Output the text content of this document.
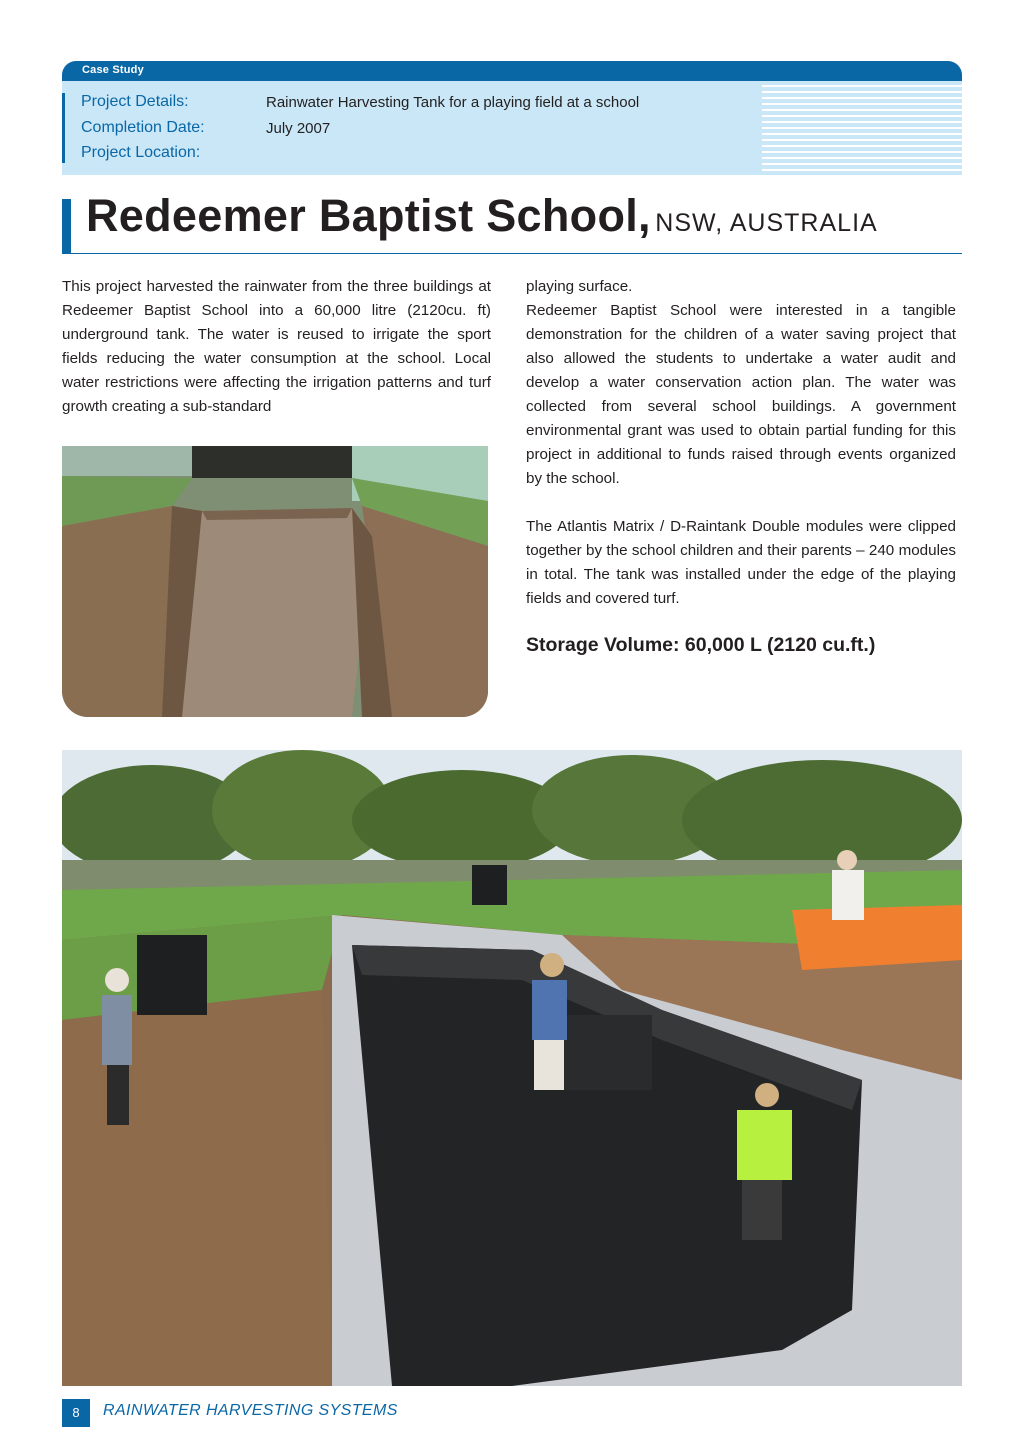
Case Study
Project Details:	Rainwater Harvesting Tank for a playing field at a school
Completion Date:	July 2007
Project Location:
Redeemer Baptist School, NSW, AUSTRALIA

This project harvested the rainwater from the three buildings at Redeemer Baptist School into a 60,000 litre (2120cu. ft) underground tank. The water is reused to irrigate the sport fields reducing the water consumption at the school. Local water restrictions were affecting the irrigation patterns and turf growth creating a sub-standard

playing surface.

Redeemer Baptist School were interested in a tangible demonstration for the children of a water saving project that also allowed the students to undertake a water audit and develop a water conservation action plan. The water was collected from several school buildings. A government environmental grant was used to obtain partial funding for this project in additional to funds raised through events organized by the school.

The Atlantis Matrix / D-Raintank Double modules were clipped together by the school children and their parents – 240 modules in total. The tank was installed under the edge of the playing fields and covered turf.

Storage Volume: 60,000 L (2120 cu.ft.)
8	RAINWATER HARVESTING SYSTEMS
